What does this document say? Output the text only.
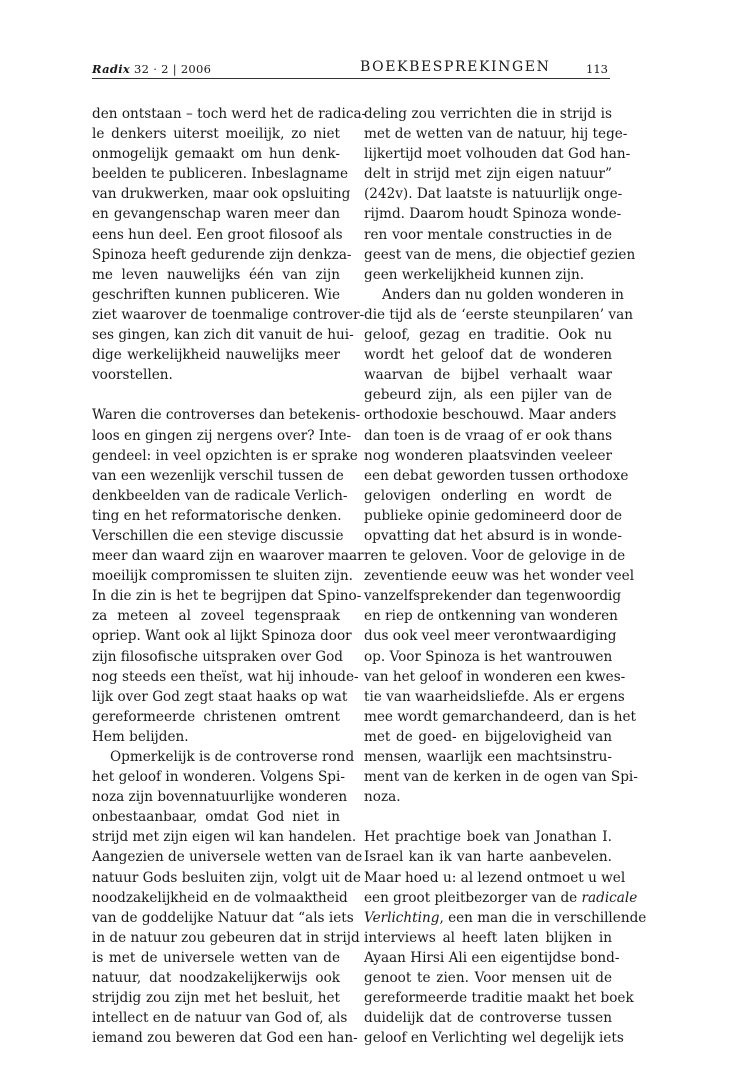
Radix 32 · 2 | 2006	BOEKBESPREKINGEN	113
den ontstaan – toch werd het de radica-
le denkers uiterst moeilijk, zo niet
onmogelijk gemaakt om hun denk-
beelden te publiceren. Inbeslagname
van drukwerken, maar ook opsluiting
en gevangenschap waren meer dan
eens hun deel. Een groot filosoof als
Spinoza heeft gedurende zijn denkza-
me leven nauwelijks één van zijn
geschriften kunnen publiceren. Wie
ziet waarover de toenmalige controver-
ses gingen, kan zich dit vanuit de hui-
dige werkelijkheid nauwelijks meer
voorstellen.
Waren die controverses dan betekenis-
loos en gingen zij nergens over? Inte-
gendeel: in veel opzichten is er sprake
van een wezenlijk verschil tussen de
denkbeelden van de radicale Verlich-
ting en het reformatorische denken.
Verschillen die een stevige discussie
meer dan waard zijn en waarover maar
moeilijk compromissen te sluiten zijn.
In die zin is het te begrijpen dat Spino-
za meteen al zoveel tegenspraak
opriep. Want ook al lijkt Spinoza door
zijn filosofische uitspraken over God
nog steeds een theïst, wat hij inhoude-
lijk over God zegt staat haaks op wat
gereformeerde christenen omtrent
Hem belijden.
Opmerkelijk is de controverse rond
het geloof in wonderen. Volgens Spi-
noza zijn bovennatuurlijke wonderen
onbestaanbaar, omdat God niet in
strijd met zijn eigen wil kan handelen.
Aangezien de universele wetten van de
natuur Gods besluiten zijn, volgt uit de
noodzakelijkheid en de volmaaktheid
van de goddelijke Natuur dat “als iets
in de natuur zou gebeuren dat in strijd
is met de universele wetten van de
natuur, dat noodzakelijkerwijs ook
strijdig zou zijn met het besluit, het
intellect en de natuur van God of, als
iemand zou beweren dat God een han-
deling zou verrichten die in strijd is
met de wetten van de natuur, hij tege-
lijkertijd moet volhouden dat God han-
delt in strijd met zijn eigen natuur”
(242v). Dat laatste is natuurlijk onge-
rijmd. Daarom houdt Spinoza wonde-
ren voor mentale constructies in de
geest van de mens, die objectief gezien
geen werkelijkheid kunnen zijn.
Anders dan nu golden wonderen in
die tijd als de ‘eerste steunpilaren’ van
geloof, gezag en traditie. Ook nu
wordt het geloof dat de wonderen
waarvan de bijbel verhaalt waar
gebeurd zijn, als een pijler van de
orthodoxie beschouwd. Maar anders
dan toen is de vraag of er ook thans
nog wonderen plaatsvinden veeleer
een debat geworden tussen orthodoxe
gelovigen onderling en wordt de
publieke opinie gedomineerd door de
opvatting dat het absurd is in wonde-
ren te geloven. Voor de gelovige in de
zeventiende eeuw was het wonder veel
vanzelfsprekender dan tegenwoordig
en riep de ontkenning van wonderen
dus ook veel meer verontwaardiging
op. Voor Spinoza is het wantrouwen
van het geloof in wonderen een kwes-
tie van waarheidsliefde. Als er ergens
mee wordt gemarchandeerd, dan is het
met de goed- en bijgelovigheid van
mensen, waarlijk een machtsinstru-
ment van de kerken in de ogen van Spi-
noza.
Het prachtige boek van Jonathan I.
Israel kan ik van harte aanbevelen.
Maar hoed u: al lezend ontmoet u wel
een groot pleitbezorger van de radicale
Verlichting, een man die in verschillende
interviews al heeft laten blijken in
Ayaan Hirsi Ali een eigentijdse bond-
genoot te zien. Voor mensen uit de
gereformeerde traditie maakt het boek
duidelijk dat de controverse tussen
geloof en Verlichting wel degelijk iets
